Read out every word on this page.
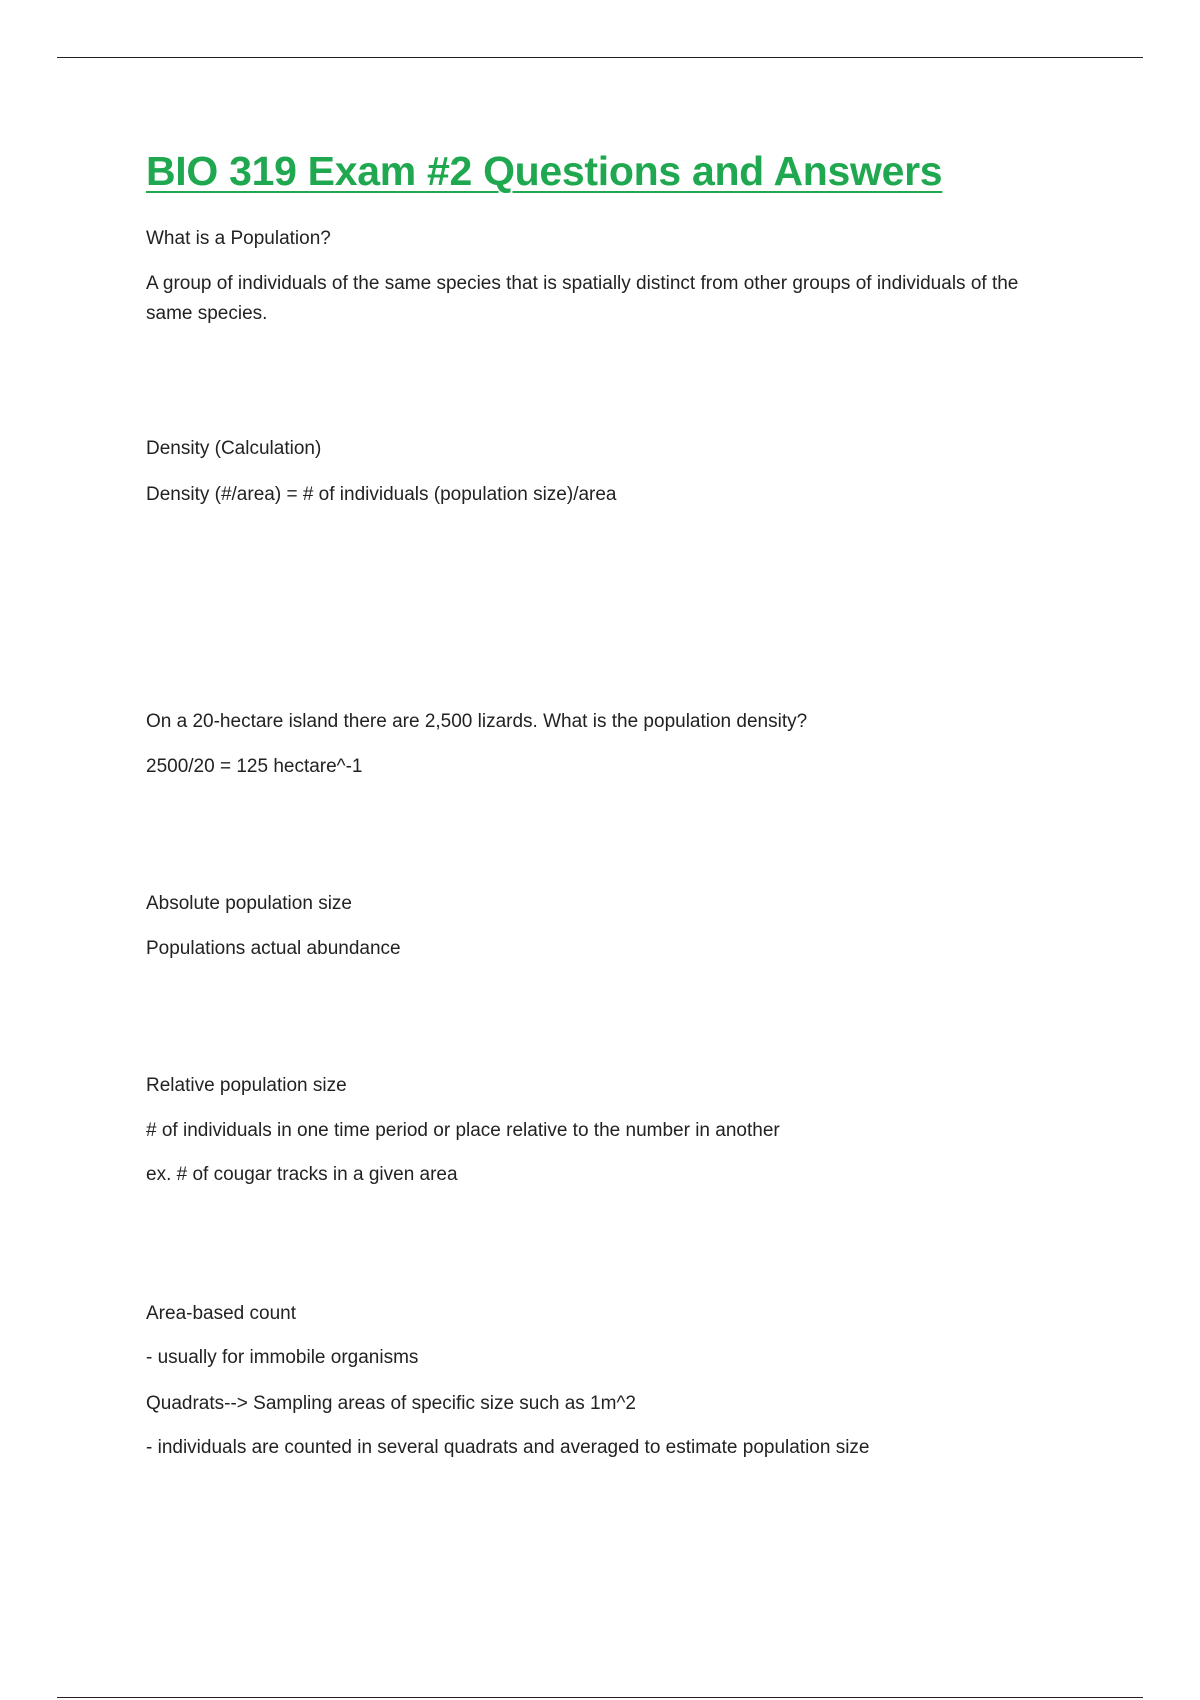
BIO 319 Exam #2 Questions and Answers

What is a Population?

A group of individuals of the same species that is spatially distinct from other groups of individuals of the same species.

Density (Calculation)

Density (#/area) = # of individuals (population size)/area

On a 20-hectare island there are 2,500 lizards. What is the population density?

2500/20 = 125 hectare^-1

Absolute population size

Populations actual abundance

Relative population size

# of individuals in one time period or place relative to the number in another

ex. # of cougar tracks in a given area

Area-based count

- usually for immobile organisms

Quadrats--> Sampling areas of specific size such as 1m^2

- individuals are counted in several quadrats and averaged to estimate population size
